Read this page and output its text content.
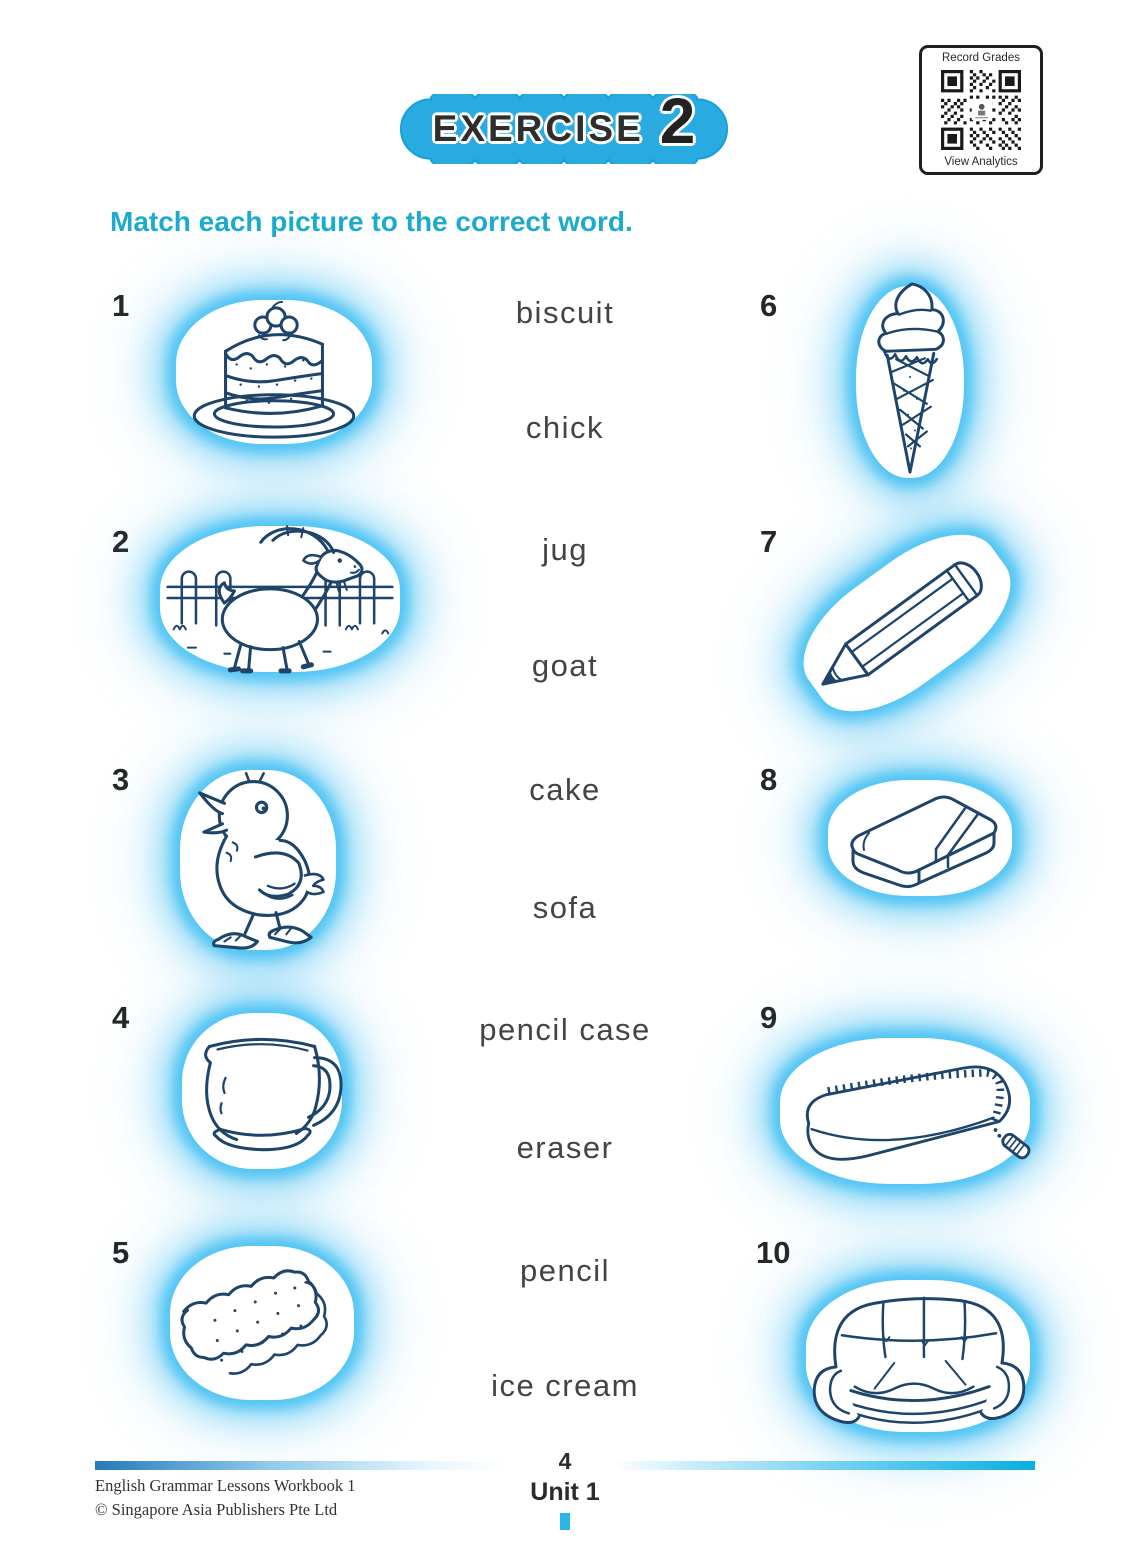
EXERCISE 2
Record Grades
View Analytics
Match each picture to the correct word.
1
2
3
4
5
6
7
8
9
10
biscuit
chick
jug
goat
cake
sofa
pencil case
eraser
pencil
ice cream
4
Unit 1
English Grammar Lessons Workbook 1
© Singapore Asia Publishers Pte Ltd
